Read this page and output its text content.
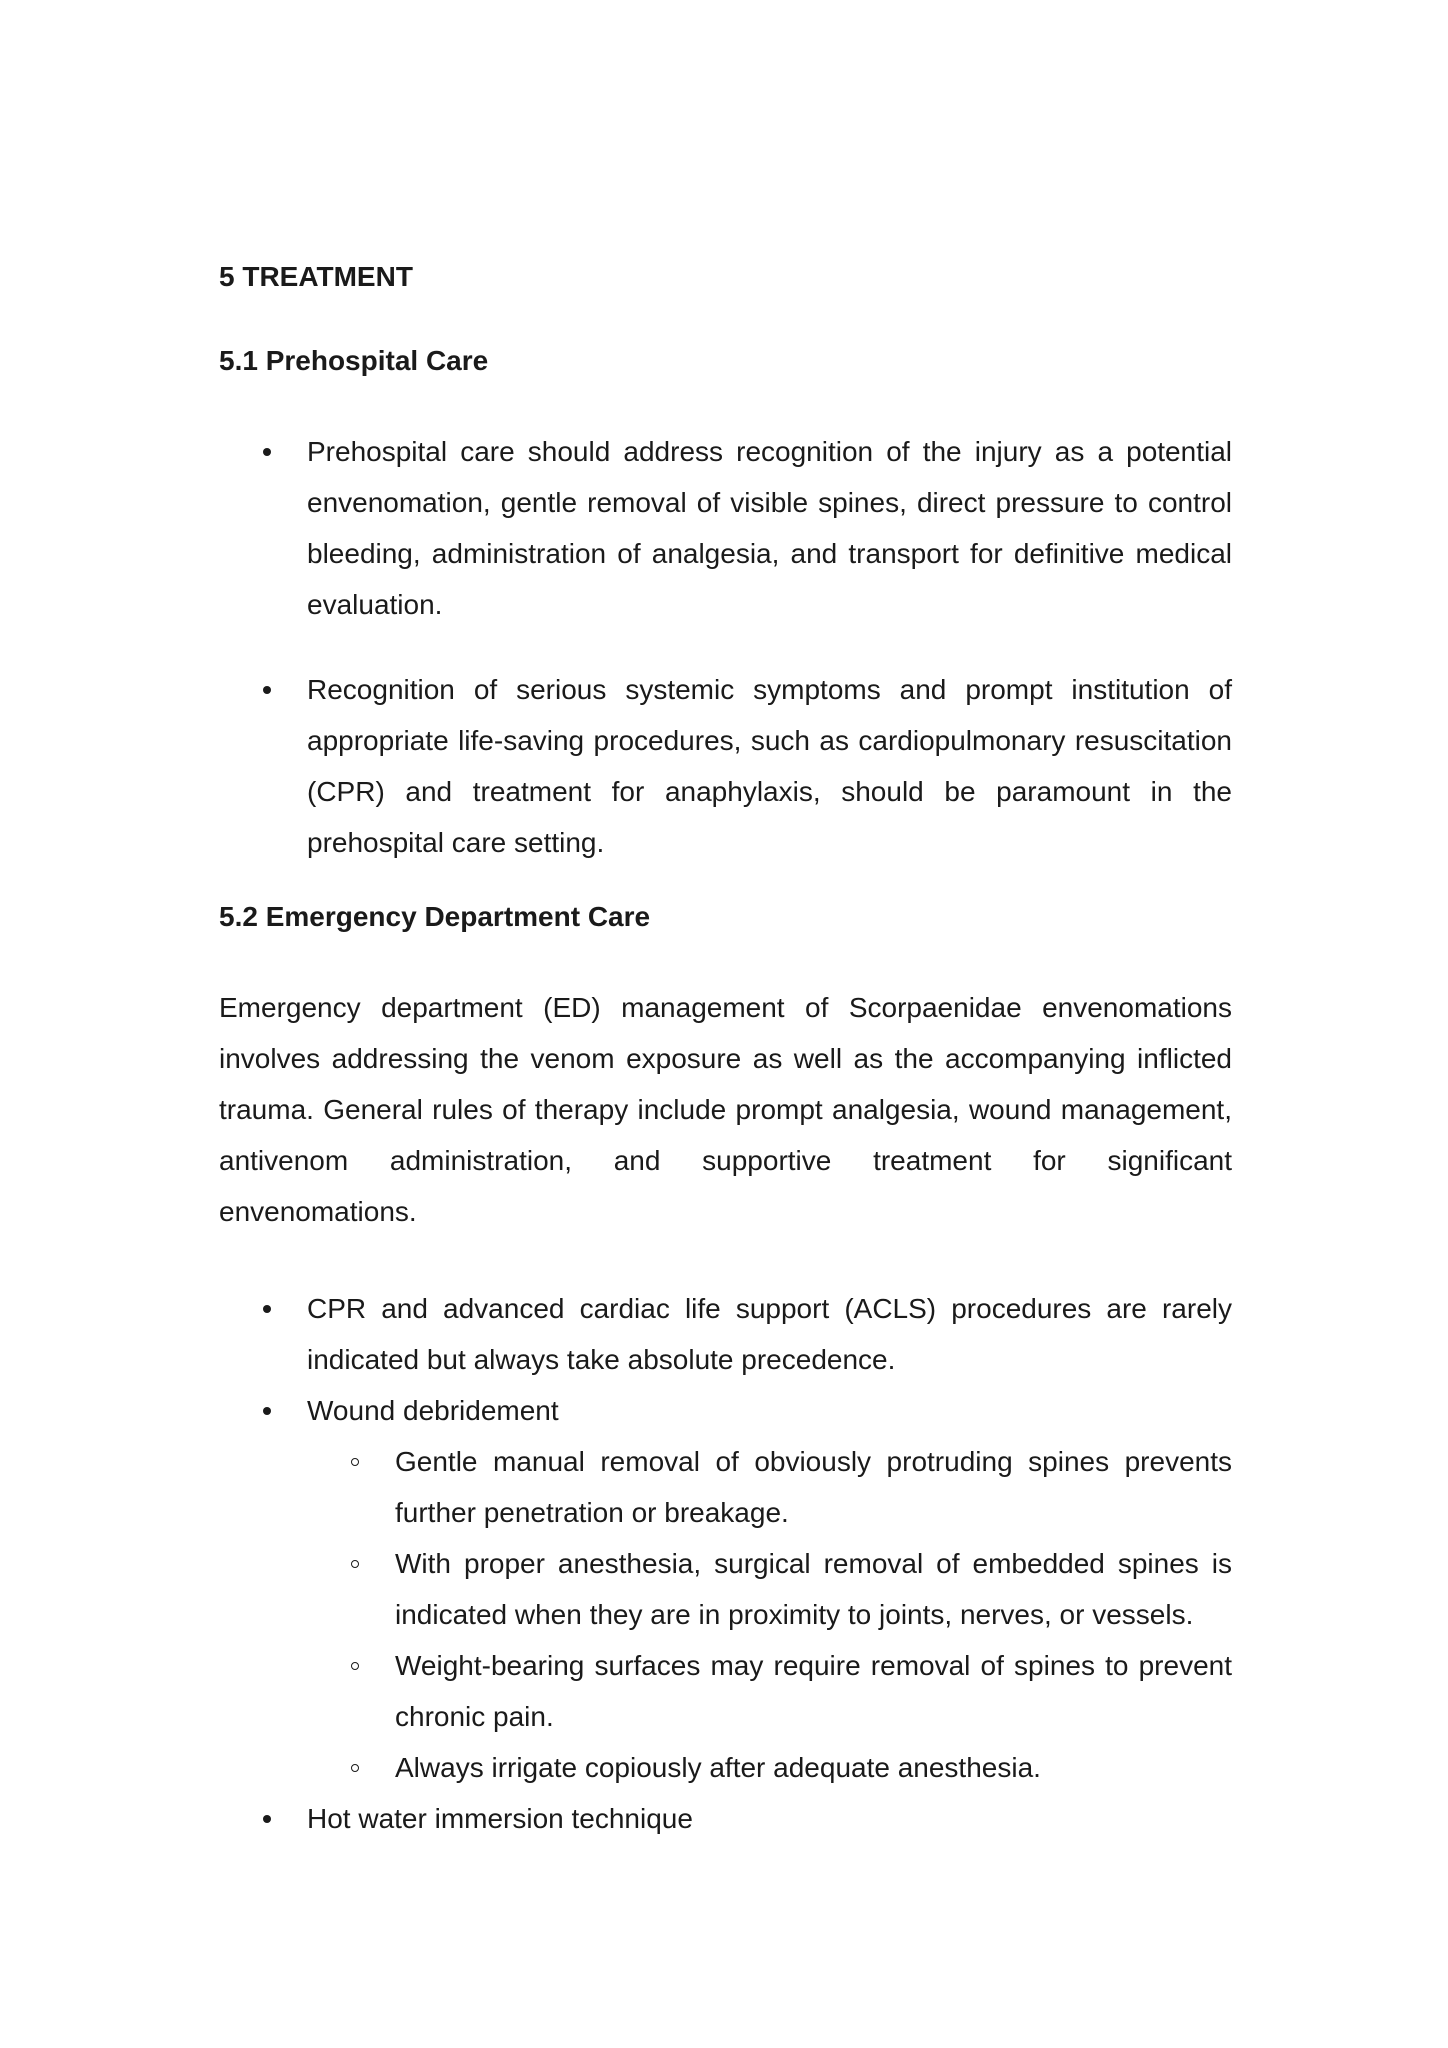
5 TREATMENT
5.1 Prehospital Care
Prehospital care should address recognition of the injury as a potential envenomation, gentle removal of visible spines, direct pressure to control bleeding, administration of analgesia, and transport for definitive medical evaluation.
Recognition of serious systemic symptoms and prompt institution of appropriate life-saving procedures, such as cardiopulmonary resuscitation (CPR) and treatment for anaphylaxis, should be paramount in the prehospital care setting.
5.2 Emergency Department Care

Emergency department (ED) management of Scorpaenidae envenomations involves addressing the venom exposure as well as the accompanying inflicted trauma. General rules of therapy include prompt analgesia, wound management, antivenom administration, and supportive treatment for significant envenomations.

CPR and advanced cardiac life support (ACLS) procedures are rarely indicated but always take absolute precedence.
Wound debridement
Gentle manual removal of obviously protruding spines prevents further penetration or breakage.
With proper anesthesia, surgical removal of embedded spines is indicated when they are in proximity to joints, nerves, or vessels.
Weight-bearing surfaces may require removal of spines to prevent chronic pain.
Always irrigate copiously after adequate anesthesia.
Hot water immersion technique
